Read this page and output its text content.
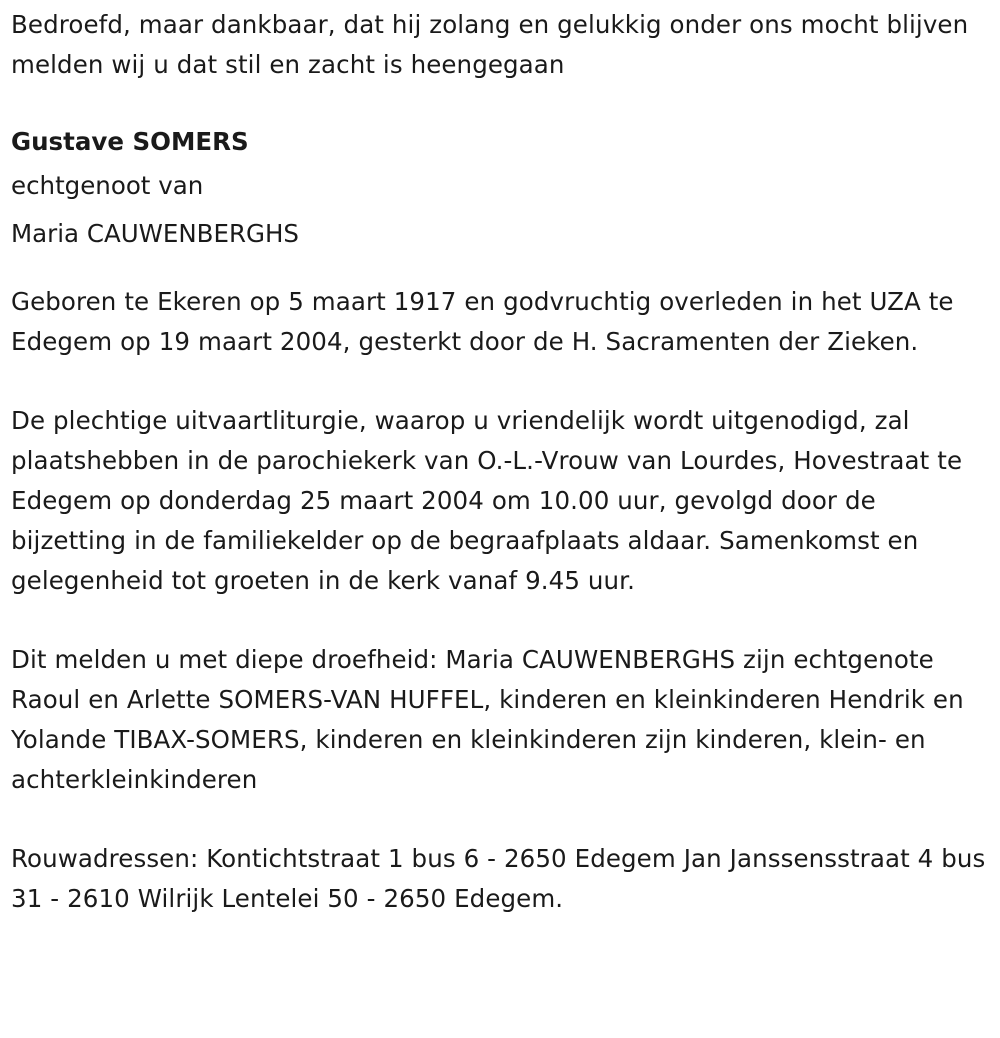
Bedroefd, maar dankbaar, dat hij zolang en gelukkig onder ons mocht blijven melden wij u dat stil en zacht is heengegaan

Gustave SOMERS

echtgenoot van

Maria CAUWENBERGHS

Geboren te Ekeren op 5 maart 1917 en godvruchtig overleden in het UZA te Edegem op 19 maart 2004, gesterkt door de H. Sacramenten der Zieken.

De plechtige uitvaartliturgie, waarop u vriendelijk wordt uitgenodigd, zal plaatshebben in de parochiekerk van O.-L.-Vrouw van Lourdes, Hovestraat te Edegem op donderdag 25 maart 2004 om 10.00 uur, gevolgd door de bijzetting in de familiekelder op de begraafplaats aldaar. Samenkomst en gelegenheid tot groeten in de kerk vanaf 9.45 uur.

Dit melden u met diepe droefheid: Maria CAUWENBERGHS zijn echtgenote Raoul en Arlette SOMERS-VAN HUFFEL, kinderen en kleinkinderen Hendrik en Yolande TIBAX-SOMERS, kinderen en kleinkinderen zijn kinderen, klein- en achterkleinkinderen

Rouwadressen: Kontichtstraat 1 bus 6 - 2650 Edegem Jan Janssensstraat 4 bus 31 - 2610 Wilrijk Lentelei 50 - 2650 Edegem.
